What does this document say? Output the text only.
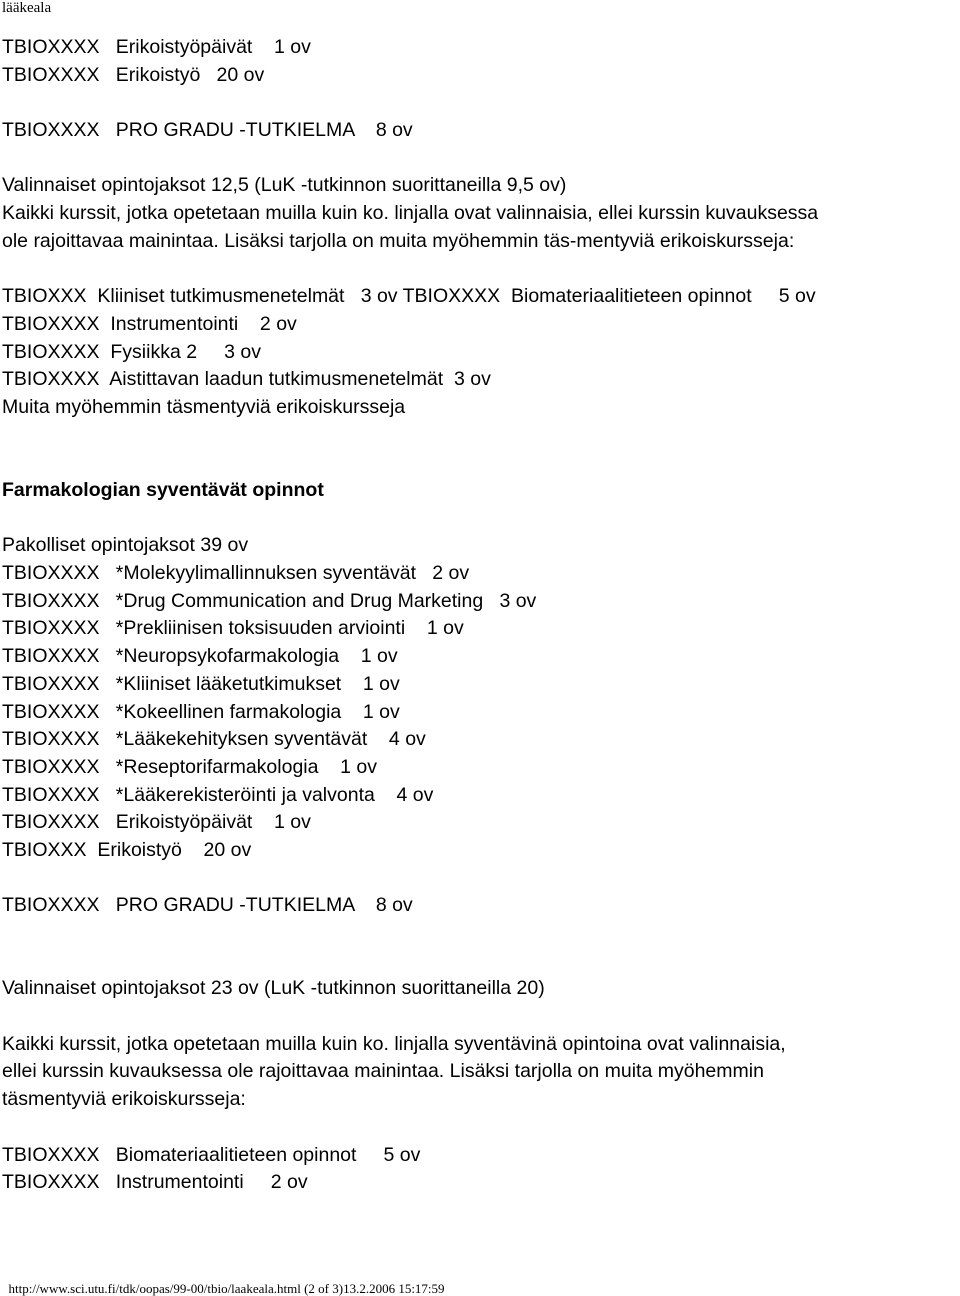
lääkeala
TBIOXXXX   Erikoistyöpäivät    1 ov
TBIOXXXX   Erikoistyö   20 ov
TBIOXXXX   PRO GRADU -TUTKIELMA    8 ov
Valinnaiset opintojaksot 12,5 (LuK -tutkinnon suorittaneilla 9,5 ov)
Kaikki kurssit, jotka opetetaan muilla kuin ko. linjalla ovat valinnaisia, ellei kurssin kuvauksessa
ole rajoittavaa mainintaa. Lisäksi tarjolla on muita myöhemmin täs-mentyviä erikoiskursseja:
TBIOXXX  Kliiniset tutkimusmenetelmät   3 ov TBIOXXXX  Biomateriaalitieteen opinnot     5 ov
TBIOXXXX  Instrumentointi    2 ov
TBIOXXXX  Fysiikka 2     3 ov
TBIOXXXX  Aistittavan laadun tutkimusmenetelmät  3 ov
Muita myöhemmin täsmentyviä erikoiskursseja
Farmakologian syventävät opinnot
Pakolliset opintojaksot 39 ov
TBIOXXXX   *Molekyylimallinnuksen syventävät   2 ov
TBIOXXXX   *Drug Communication and Drug Marketing   3 ov
TBIOXXXX   *Prekliinisen toksisuuden arviointi    1 ov
TBIOXXXX   *Neuropsykofarmakologia    1 ov
TBIOXXXX   *Kliiniset lääketutkimukset    1 ov
TBIOXXXX   *Kokeellinen farmakologia    1 ov
TBIOXXXX   *Lääkekehityksen syventävät    4 ov
TBIOXXXX   *Reseptorifarmakologia    1 ov
TBIOXXXX   *Lääkerekisteröinti ja valvonta    4 ov
TBIOXXXX   Erikoistyöpäivät    1 ov
TBIOXXX  Erikoistyö    20 ov
TBIOXXXX   PRO GRADU -TUTKIELMA    8 ov
Valinnaiset opintojaksot 23 ov (LuK -tutkinnon suorittaneilla 20)
Kaikki kurssit, jotka opetetaan muilla kuin ko. linjalla syventävinä opintoina ovat valinnaisia,
ellei kurssin kuvauksessa ole rajoittavaa mainintaa. Lisäksi tarjolla on muita myöhemmin
täsmentyviä erikoiskursseja:
TBIOXXXX   Biomateriaalitieteen opinnot     5 ov
TBIOXXXX   Instrumentointi     2 ov

http://www.sci.utu.fi/tdk/oopas/99-00/tbio/laakeala.html (2 of 3)13.2.2006 15:17:59
